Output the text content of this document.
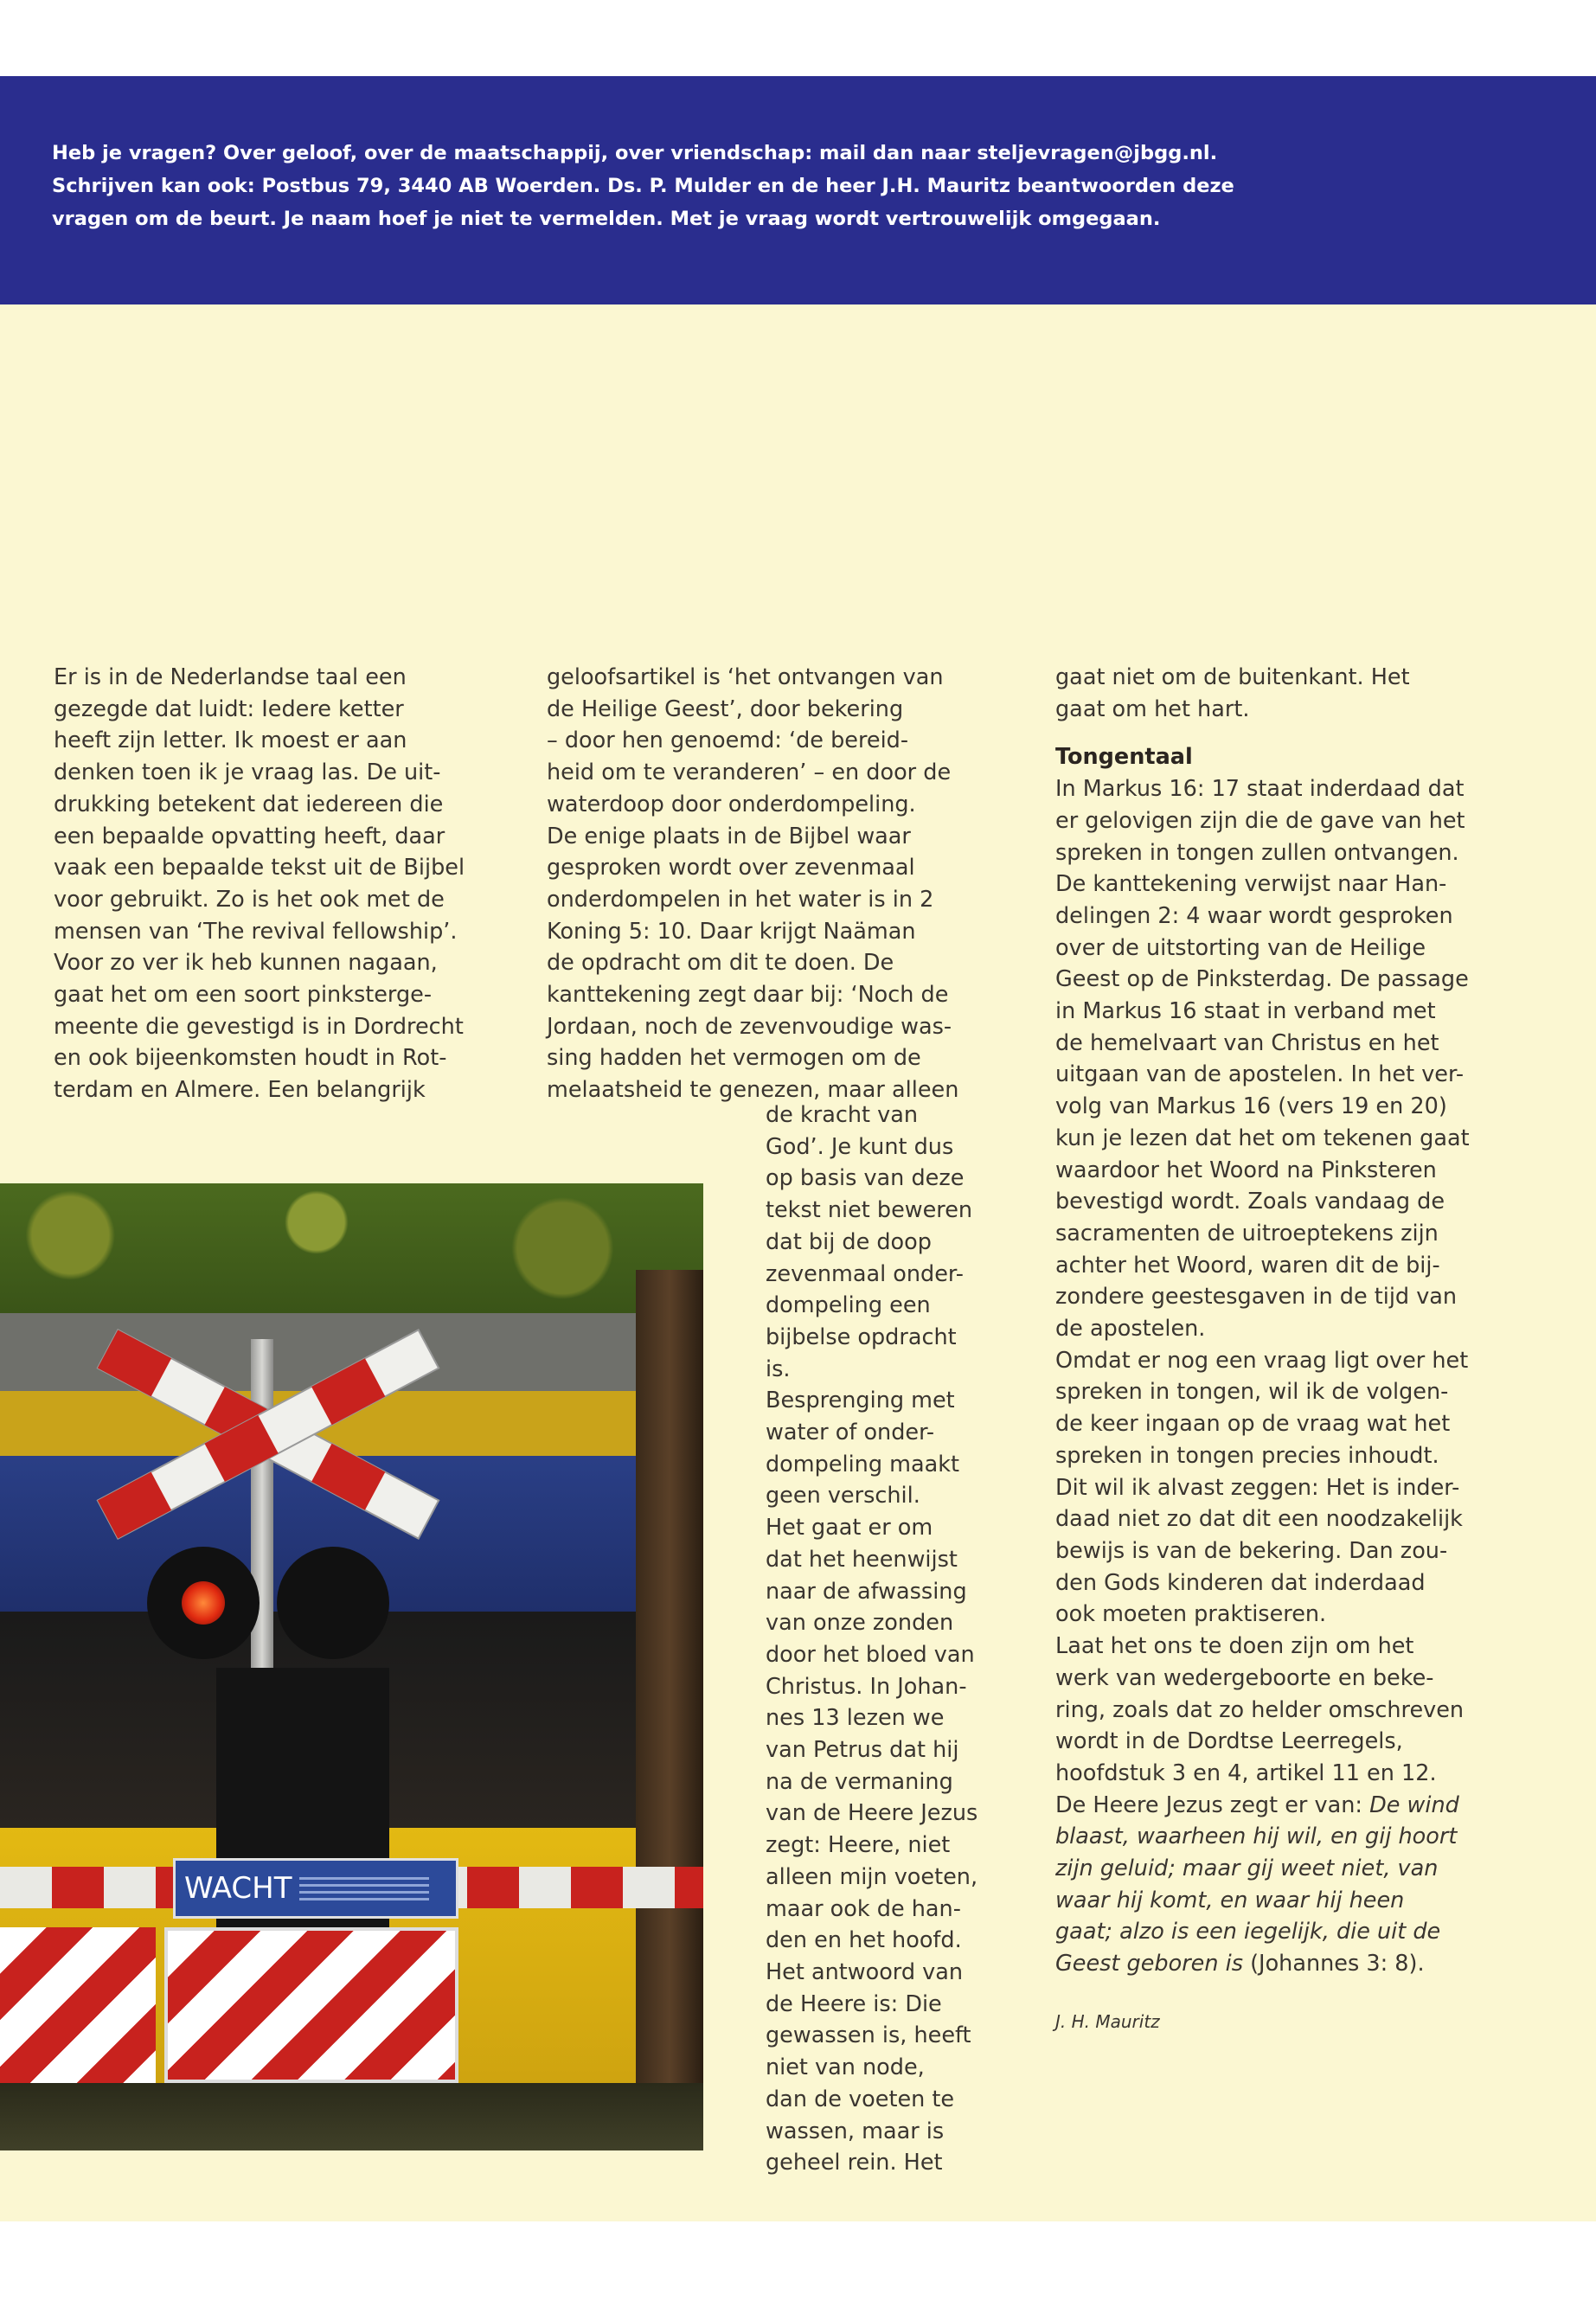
Heb je vragen? Over geloof, over de maatschappij, over vriendschap: mail dan naar steljevragen@jbgg.nl.

Schrijven kan ook: Postbus 79, 3440 AB Woerden. Ds. P. Mulder en de heer J.H. Mauritz beantwoorden deze

vragen om de beurt. Je naam hoef je niet te vermelden. Met je vraag wordt vertrouwelijk omgegaan.

Er is in de Nederlandse taal een

gezegde dat luidt: Iedere ketter

heeft zijn letter. Ik moest er aan

denken toen ik je vraag las. De uit-

drukking betekent dat iedereen die

een bepaalde opvatting heeft, daar

vaak een bepaalde tekst uit de Bijbel

voor gebruikt. Zo is het ook met de

mensen van ‘The revival fellowship’.

Voor zo ver ik heb kunnen nagaan,

gaat het om een soort pinksterge-

meente die gevestigd is in Dordrecht

en ook bijeenkomsten houdt in Rot-

terdam en Almere. Een belangrijk

geloofsartikel is ‘het ontvangen van

de Heilige Geest’, door bekering

– door hen genoemd: ‘de bereid-

heid om te veranderen’ – en door de

waterdoop door onderdompeling.

De enige plaats in de Bijbel waar

gesproken wordt over zevenmaal

onderdompelen in het water is in 2

Koning 5: 10. Daar krijgt Naäman

de opdracht om dit te doen. De

kanttekening zegt daar bij: ‘Noch de

Jordaan, noch de zevenvoudige was-

sing hadden het vermogen om de

melaatsheid te genezen, maar alleen

de kracht van

God’. Je kunt dus

op basis van deze

tekst niet beweren

dat bij de doop

zevenmaal onder-

dompeling een

bijbelse opdracht

is.

Besprenging met

water of onder-

dompeling maakt

geen verschil.

Het gaat er om

dat het heenwijst

naar de afwassing

van onze zonden

door het bloed van

Christus. In Johan-

nes 13 lezen we

van Petrus dat hij

na de vermaning

van de Heere Jezus

zegt: Heere, niet

alleen mijn voeten,

maar ook de han-

den en het hoofd.

Het antwoord van

de Heere is: Die

gewassen is, heeft

niet van node,

dan de voeten te

wassen, maar is

geheel rein. Het

gaat niet om de buitenkant. Het

gaat om het hart.

Tongentaal

In Markus 16: 17 staat inderdaad dat

er gelovigen zijn die de gave van het

spreken in tongen zullen ontvangen.

De kanttekening verwijst naar Han-

delingen 2: 4 waar wordt gesproken

over de uitstorting van de Heilige

Geest op de Pinksterdag. De passage

in Markus 16 staat in verband met

de hemelvaart van Christus en het

uitgaan van de apostelen. In het ver-

volg van Markus 16 (vers 19 en 20)

kun je lezen dat het om tekenen gaat

waardoor het Woord na Pinksteren

bevestigd wordt. Zoals vandaag de

sacramenten de uitroeptekens zijn

achter het Woord, waren dit de bij-

zondere geestesgaven in de tijd van

de apostelen.

Omdat er nog een vraag ligt over het

spreken in tongen, wil ik de volgen-

de keer ingaan op de vraag wat het

spreken in tongen precies inhoudt.

Dit wil ik alvast zeggen: Het is inder-

daad niet zo dat dit een noodzakelijk

bewijs is van de bekering. Dan zou-

den Gods kinderen dat inderdaad

ook moeten praktiseren.

Laat het ons te doen zijn om het

werk van wedergeboorte en beke-

ring, zoals dat zo helder omschreven

wordt in de Dordtse Leerregels,

hoofdstuk 3 en 4, artikel 11 en 12.

De Heere Jezus zegt er van: De wind

blaast, waarheen hij wil, en gij hoort

zijn geluid; maar gij weet niet, van

waar hij komt, en waar hij heen

gaat; alzo is een iegelijk, die uit de

Geest geboren is (Johannes 3: 8).

J. H. Mauritz

WACHT
